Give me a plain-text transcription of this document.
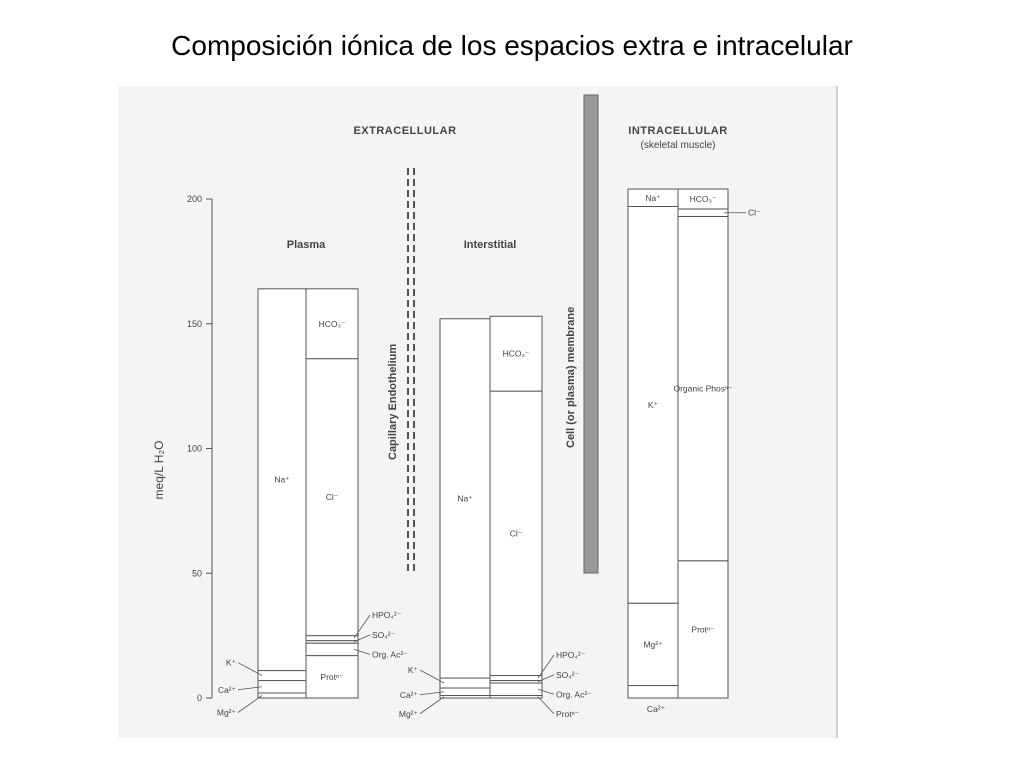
Composición iónica de los espacios extra e intracelular
EXTRACELLULAR	INTRACELLULAR
(skeletal muscle)
Plasma	Interstitial
Capillary Endothelium	Cell (or plasma) membrane
meq/L H₂O
0
50
100
150
200
Mg²⁺
Ca²⁺
K⁺
Na⁺
Protⁿ⁻
Org. Ac²⁻
SO₄²⁻
HPO₄²⁻
Cl⁻
HCO₃⁻
Mg²⁺
Ca²⁺
K⁺
Na⁺
Protⁿ⁻
Org. Ac²⁻
SO₄²⁻
HPO₄²⁻
Cl⁻
HCO₃⁻
Ca²⁺
Mg²⁺
K⁺
Na⁺
Protⁿ⁻
Organic Phosⁿ⁻
Cl⁻
HCO₃⁻
